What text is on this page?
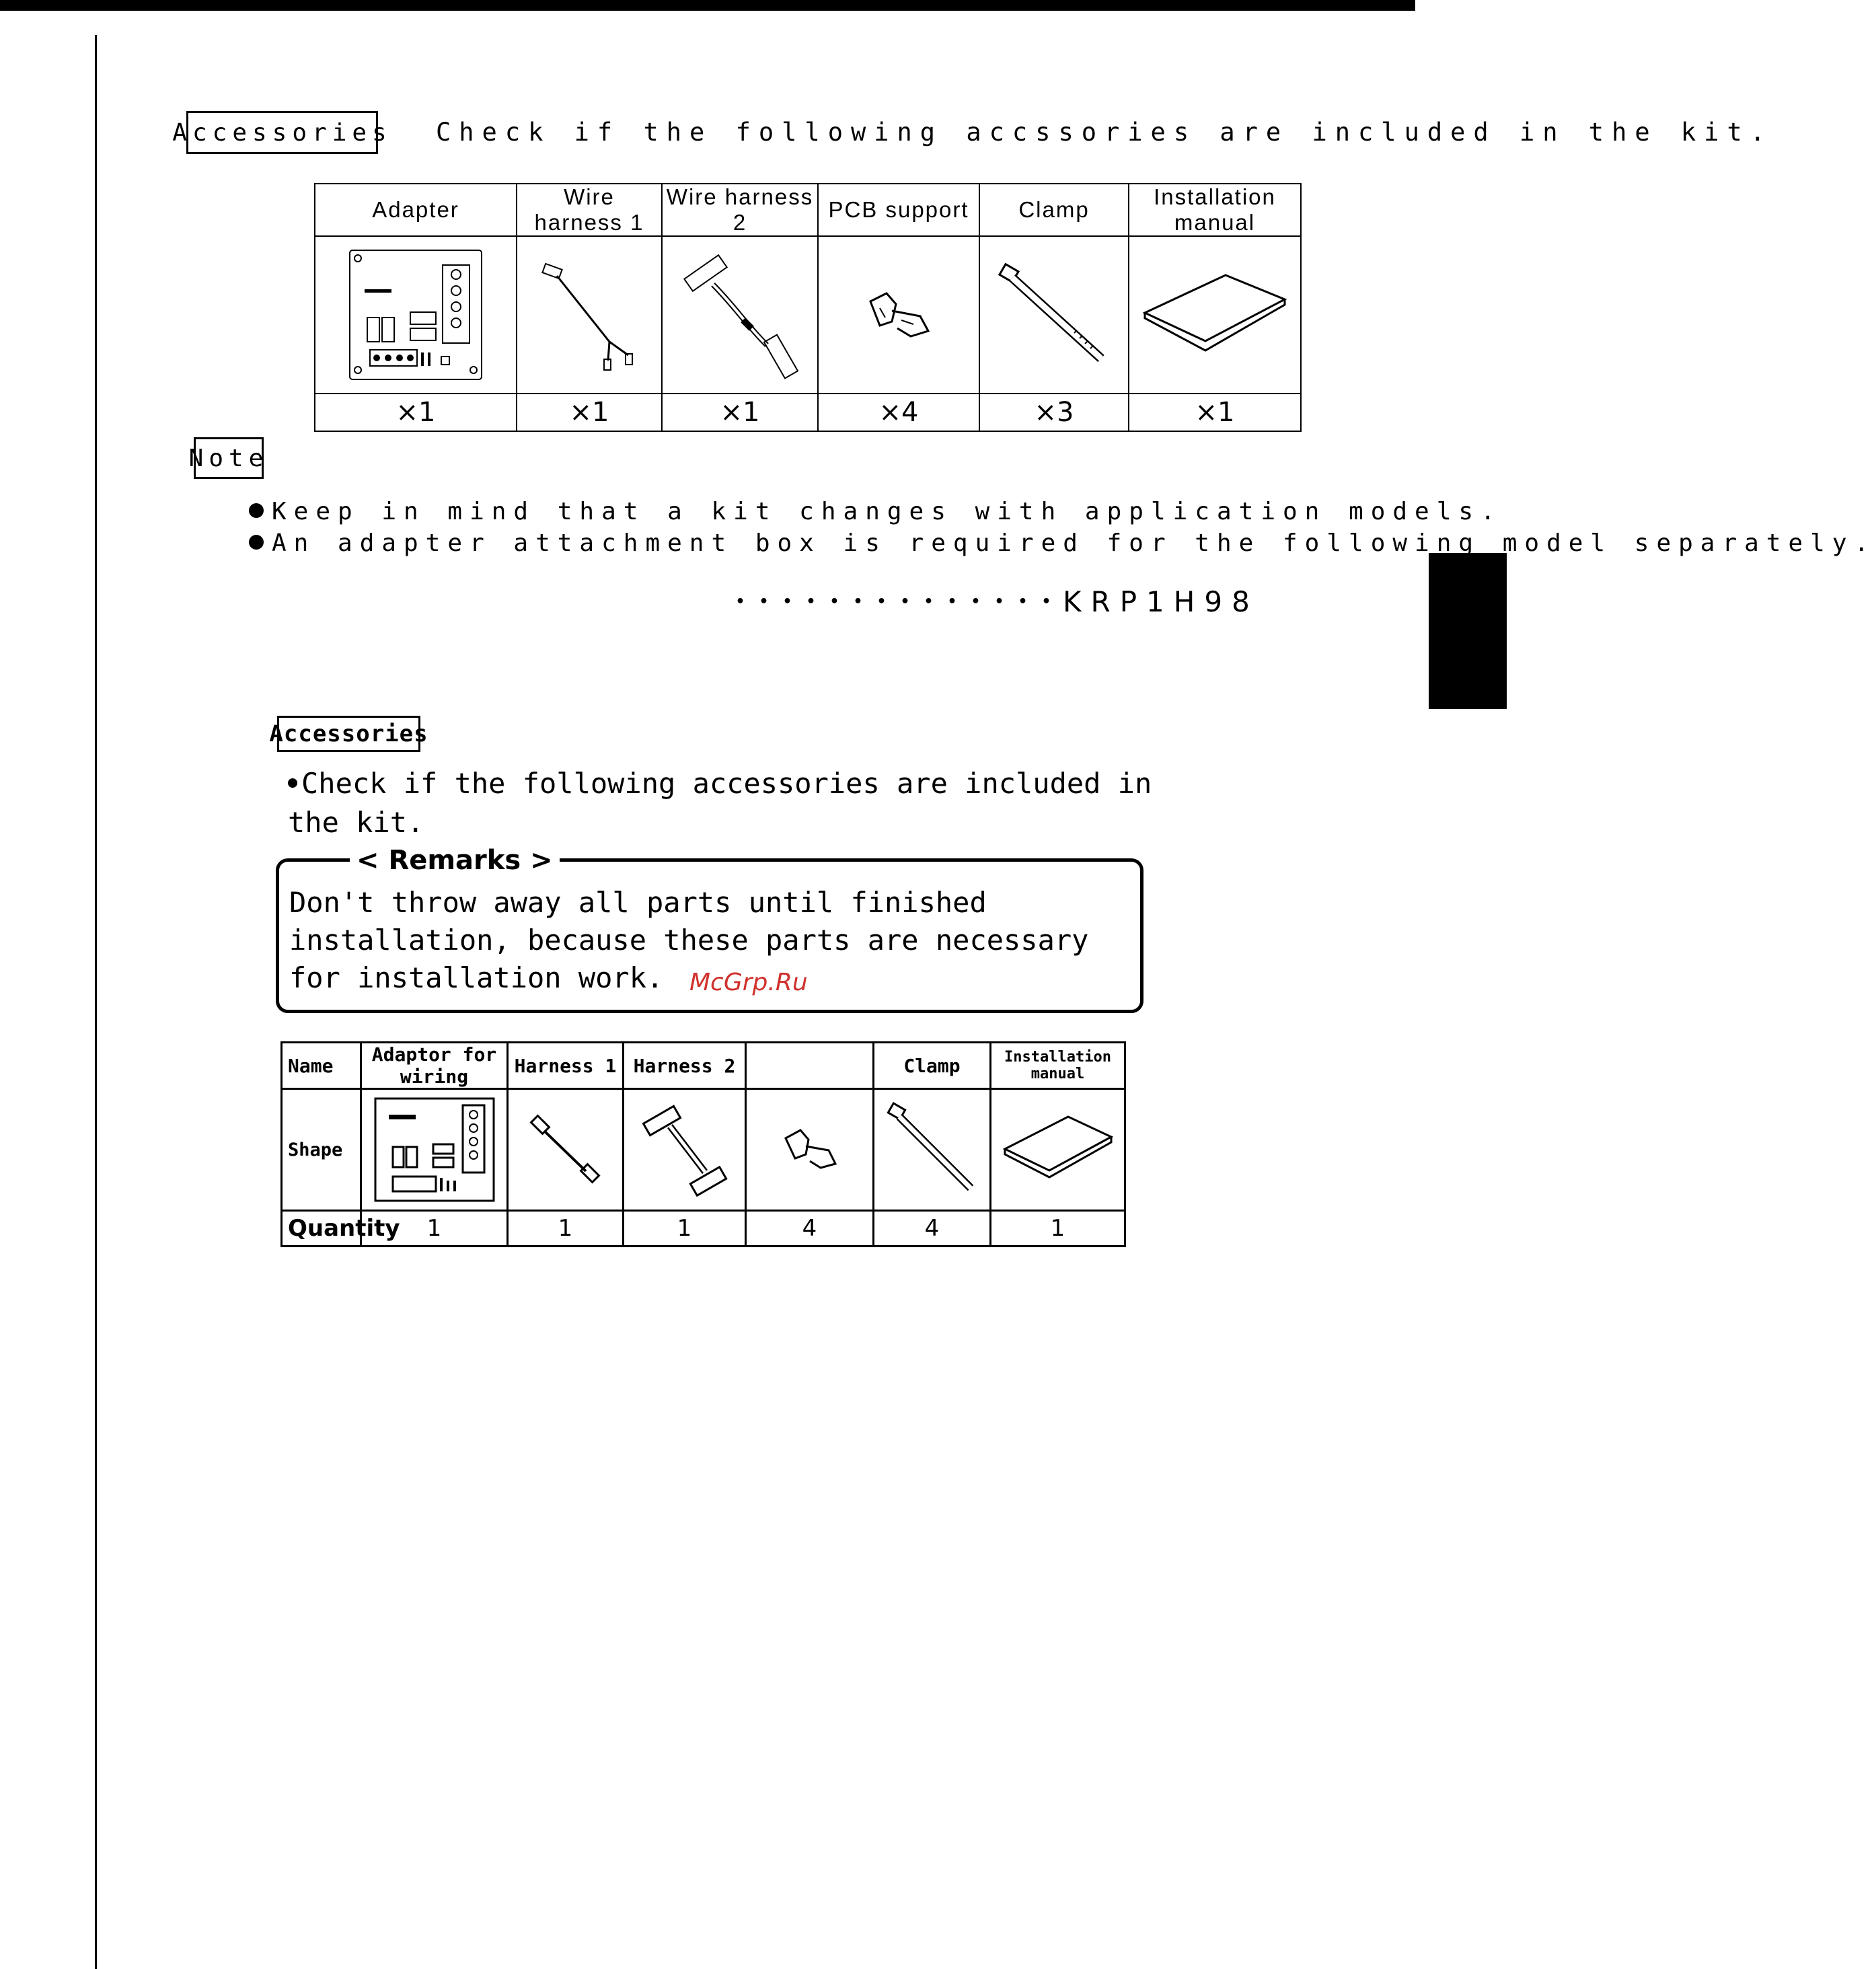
Accessories Check if the following accssories are included in the kit.
Adapter	Wire harness 1	Wire harness 2	PCB support	Clamp	Installation manual

×1	×1	×1	×4	×3	×1
Note
Keep in mind that a kit changes with application models.
An adapter attachment box is required for the following model separately.
･･････････････KRP1H98
Accessories
Check if the following accessories are included in the kit.
< Remarks >
Don't throw away all parts until finished installation, because these parts are necessary for installation work.	McGrp.Ru
Name	Adaptor for wiring	Harness 1	Harness 2		Clamp	Installation manual
Shape	

Quantity	1	1	1	4	4	1
